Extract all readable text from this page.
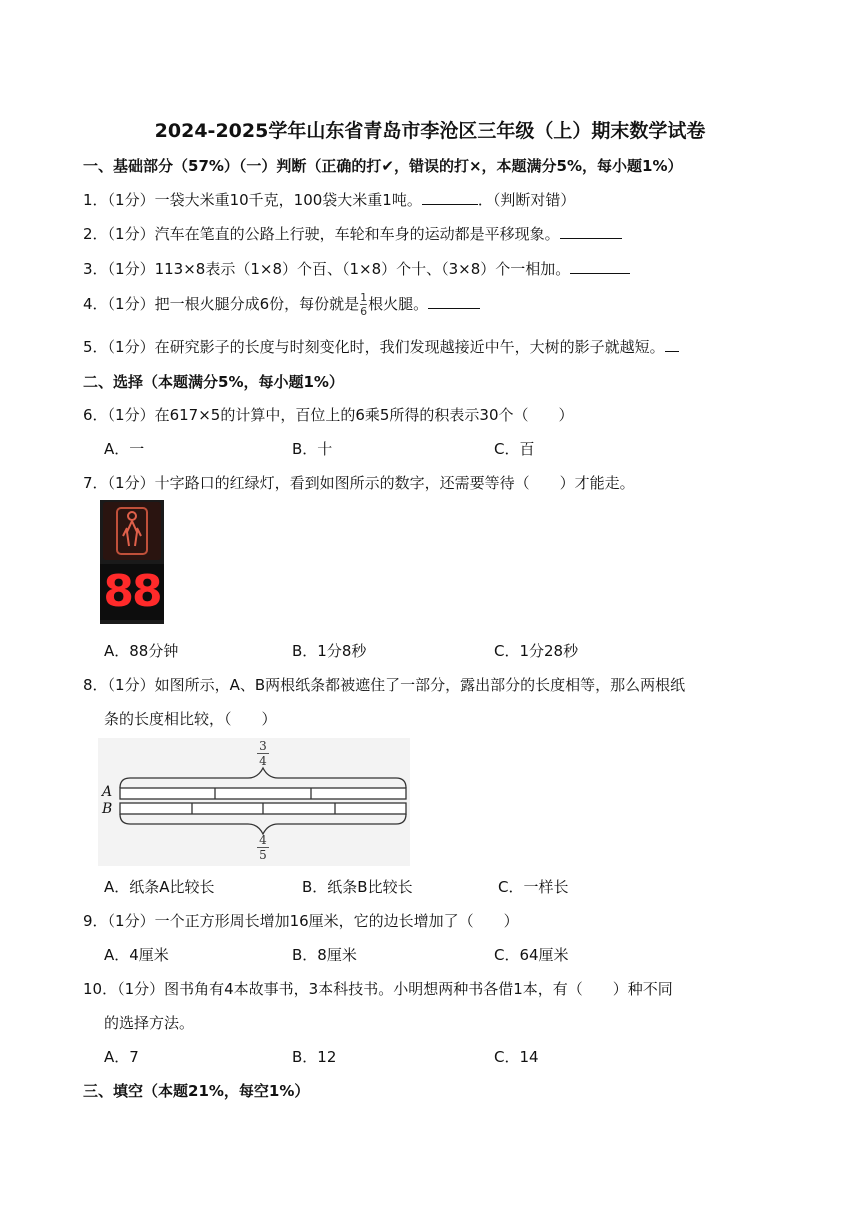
2024-2025学年山东省青岛市李沧区三年级（上）期末数学试卷
一、基础部分（57%）（一）判断（正确的打✔，错误的打×，本题满分5%，每小题1%）
1．（1分）一袋大米重10千克，100袋大米重1吨。	．（判断对错）
2．（1分）汽车在笔直的公路上行驶，车轮和车身的运动都是平移现象。
3．（1分）113×8表示（1×8）个百、（1×8）个十、（3×8）个一相加。
4．（1分）把一根火腿分成6份，每份就是$\frac{1}{6}$根火腿。
5．（1分）在研究影子的长度与时刻变化时，我们发现越接近中午，大树的影子就越短。
二、选择（本题满分5%，每小题1%）
6．（1分）在617×5的计算中，百位上的6乘5所得的积表示30个（　　）
A．一	B．十	C．百
7．（1分）十字路口的红绿灯，看到如图所示的数字，还需要等待（　　）才能走。
88
A．88分钟	B．1分8秒	C．1分28秒
8．（1分）如图所示，A、B两根纸条都被遮住了一部分，露出部分的长度相等，那么两根纸
条的长度相比较，（　　）
A
B
3
4
4
5
A．纸条A比较长	B．纸条B比较长	C．一样长
9．（1分）一个正方形周长增加16厘米，它的边长增加了（　　）
A．4厘米	B．8厘米	C．64厘米
10．（1分）图书角有4本故事书，3本科技书。小明想两种书各借1本，有（　　）种不同
的选择方法。
A．7	B．12	C．14
三、填空（本题21%，每空1%）
